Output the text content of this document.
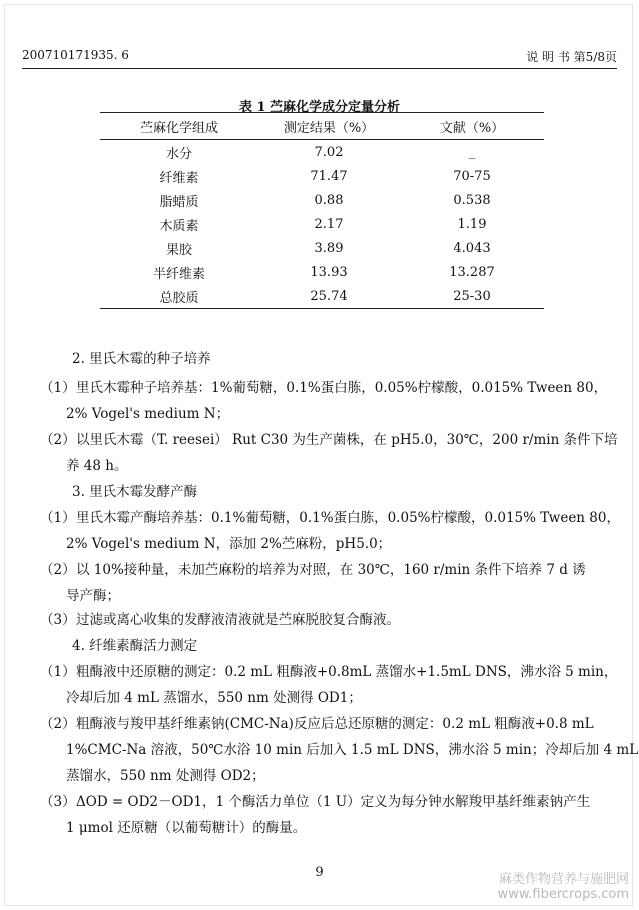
200710171935. 6	说 明 书 第5/8页
表 1 苎麻化学成分定量分析
苎麻化学组成	测定结果（%）	文献（%）
水分	7.02	_
纤维素	71.47	70-75
脂蜡质	0.88	0.538
木质素	2.17	1.19
果胶	3.89	4.043
半纤维素	13.93	13.287
总胶质	25.74	25-30
2. 里氏木霉的种子培养
（1）里氏木霉种子培养基：1%葡萄糖，0.1%蛋白胨，0.05%柠檬酸，0.015% Tween 80，
2% Vogel's medium N；
（2）以里氏木霉（T. reesei） Rut C30 为生产菌株，在 pH5.0，30℃，200 r/min 条件下培
养 48 h。
3. 里氏木霉发酵产酶
（1）里氏木霉产酶培养基：0.1%葡萄糖，0.1%蛋白胨，0.05%柠檬酸，0.015% Tween 80，
2% Vogel's medium N，添加 2%苎麻粉，pH5.0；
（2）以 10%接种量，未加苎麻粉的培养为对照，在 30℃，160 r/min 条件下培养 7 d 诱
导产酶；
（3）过滤或离心收集的发酵液清液就是苎麻脱胶复合酶液。
4. 纤维素酶活力测定
（1）粗酶液中还原糖的测定：0.2 mL 粗酶液+0.8mL 蒸馏水+1.5mL DNS，沸水浴 5 min，
冷却后加 4 mL 蒸馏水，550 nm 处测得 OD1；
（2）粗酶液与羧甲基纤维素钠(CMC-Na)反应后总还原糖的测定：0.2 mL 粗酶液+0.8 mL
1%CMC-Na 溶液，50℃水浴 10 min 后加入 1.5 mL DNS，沸水浴 5 min；冷却后加 4 mL
蒸馏水，550 nm 处测得 OD2；
（3）ΔOD = OD2－OD1，1 个酶活力单位（1 U）定义为每分钟水解羧甲基纤维素钠产生
1 μmol 还原糖（以葡萄糖计）的酶量。
9	麻类作物营养与施肥网
www.fibercrops.com
